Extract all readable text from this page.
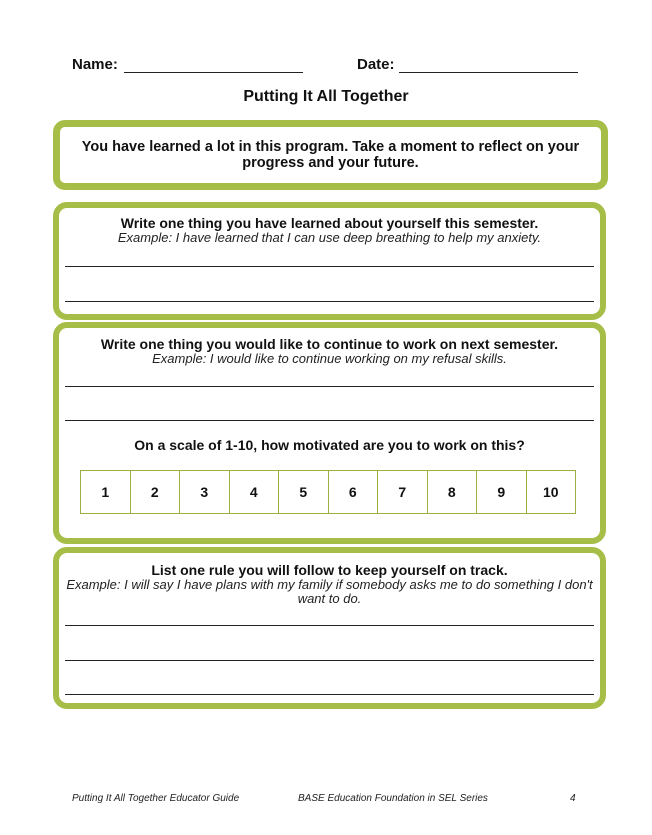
Name:	Date:
Putting It All Together
You have learned a lot in this program. Take a moment to reflect on your progress and your future.
Write one thing you have learned about yourself this semester.
Example: I have learned that I can use deep breathing to help my anxiety.
Write one thing you would like to continue to work on next semester.
Example: I would like to continue working on my refusal skills.
On a scale of 1-10, how motivated are you to work on this?
1	2	3	4	5	6	7	8	9	10
List one rule you will follow to keep yourself on track.
Example: I will say I have plans with my family if somebody asks me to do something I don't want to do.
Putting It All Together Educator Guide	BASE Education Foundation in SEL Series	4
